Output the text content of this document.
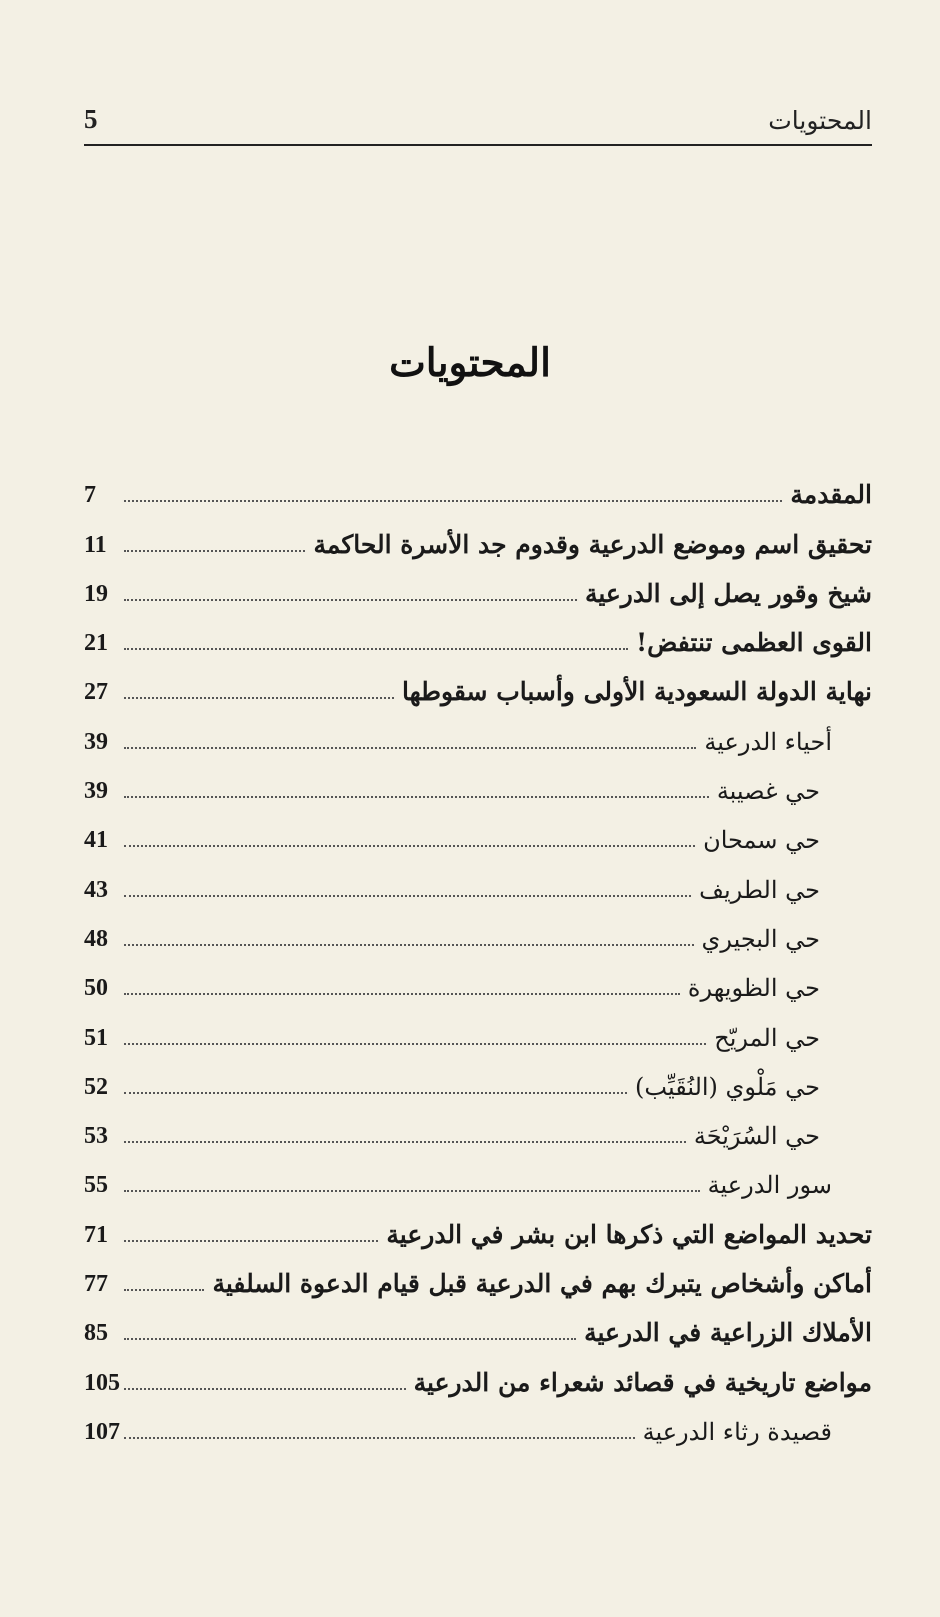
المحتويات
5
المحتويات
المقدمة
7
تحقيق اسم وموضع الدرعية وقدوم جد الأسرة الحاكمة
11
شيخ وقور يصل إلى الدرعية
19
القوى العظمى تنتفض!
21
نهاية الدولة السعودية الأولى وأسباب سقوطها
27
أحياء الدرعية
39
حي غصيبة
39
حي سمحان
41
حي الطريف
43
حي البجيري
48
حي الظويهرة
50
حي المريّح
51
حي مَلْوي (النُقَيِّب)
52
حي السُرَيْحَة
53
سور الدرعية
55
تحديد المواضع التي ذكرها ابن بشر في الدرعية
71
أماكن وأشخاص يتبرك بهم في الدرعية قبل قيام الدعوة السلفية
77
الأملاك الزراعية في الدرعية
85
مواضع تاريخية في قصائد شعراء من الدرعية
105
قصيدة رثاء الدرعية
107
